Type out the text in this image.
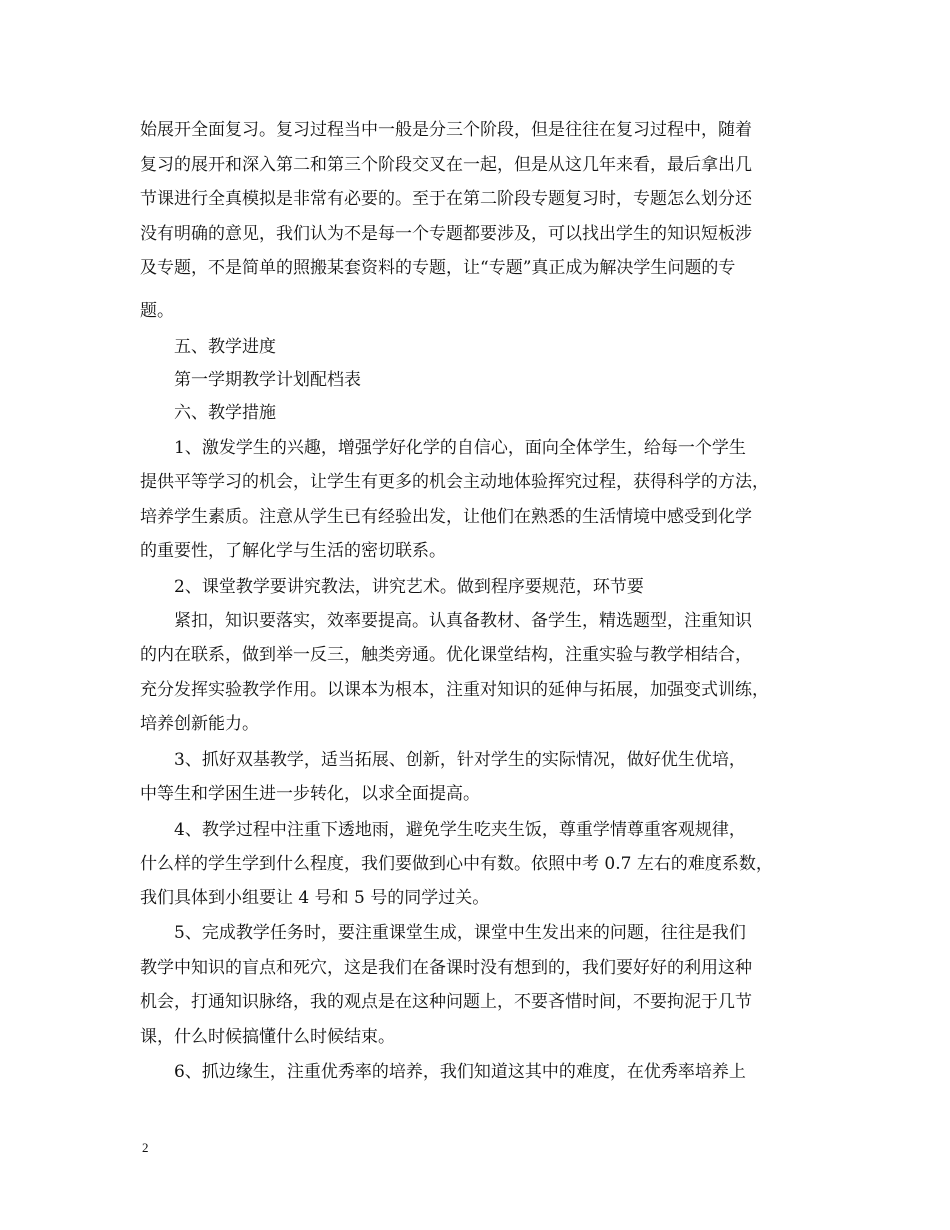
始展开全面复习。复习过程当中一般是分三个阶段，但是往往在复习过程中，随着
复习的展开和深入第二和第三个阶段交叉在一起，但是从这几年来看，最后拿出几
节课进行全真模拟是非常有必要的。至于在第二阶段专题复习时，专题怎么划分还
没有明确的意见，我们认为不是每一个专题都要涉及，可以找出学生的知识短板涉
及专题，不是简单的照搬某套资料的专题，让“专题”真正成为解决学生问题的专
题。
五、教学进度
第一学期教学计划配档表
六、教学措施
1、激发学生的兴趣，增强学好化学的自信心，面向全体学生，给每一个学生
提供平等学习的机会，让学生有更多的机会主动地体验挥究过程，获得科学的方法，
培养学生素质。注意从学生已有经验出发，让他们在熟悉的生活情境中感受到化学
的重要性，了解化学与生活的密切联系。
2、课堂教学要讲究教法，讲究艺术。做到程序要规范，环节要
紧扣，知识要落实，效率要提高。认真备教材、备学生，精选题型，注重知识
的内在联系，做到举一反三，触类旁通。优化课堂结构，注重实验与教学相结合，
充分发挥实验教学作用。以课本为根本，注重对知识的延伸与拓展，加强变式训练，
培养创新能力。
3、抓好双基教学，适当拓展、创新，针对学生的实际情况，做好优生优培，
中等生和学困生进一步转化，以求全面提高。
4、教学过程中注重下透地雨，避免学生吃夹生饭，尊重学情尊重客观规律，
什么样的学生学到什么程度，我们要做到心中有数。依照中考 0.7 左右的难度系数，
我们具体到小组要让 4 号和 5 号的同学过关。
5、完成教学任务时，要注重课堂生成，课堂中生发出来的问题，往往是我们
教学中知识的盲点和死穴，这是我们在备课时没有想到的，我们要好好的利用这种
机会，打通知识脉络，我的观点是在这种问题上，不要吝惜时间，不要拘泥于几节
课，什么时候搞懂什么时候结束。
6、抓边缘生，注重优秀率的培养，我们知道这其中的难度，在优秀率培养上
2
